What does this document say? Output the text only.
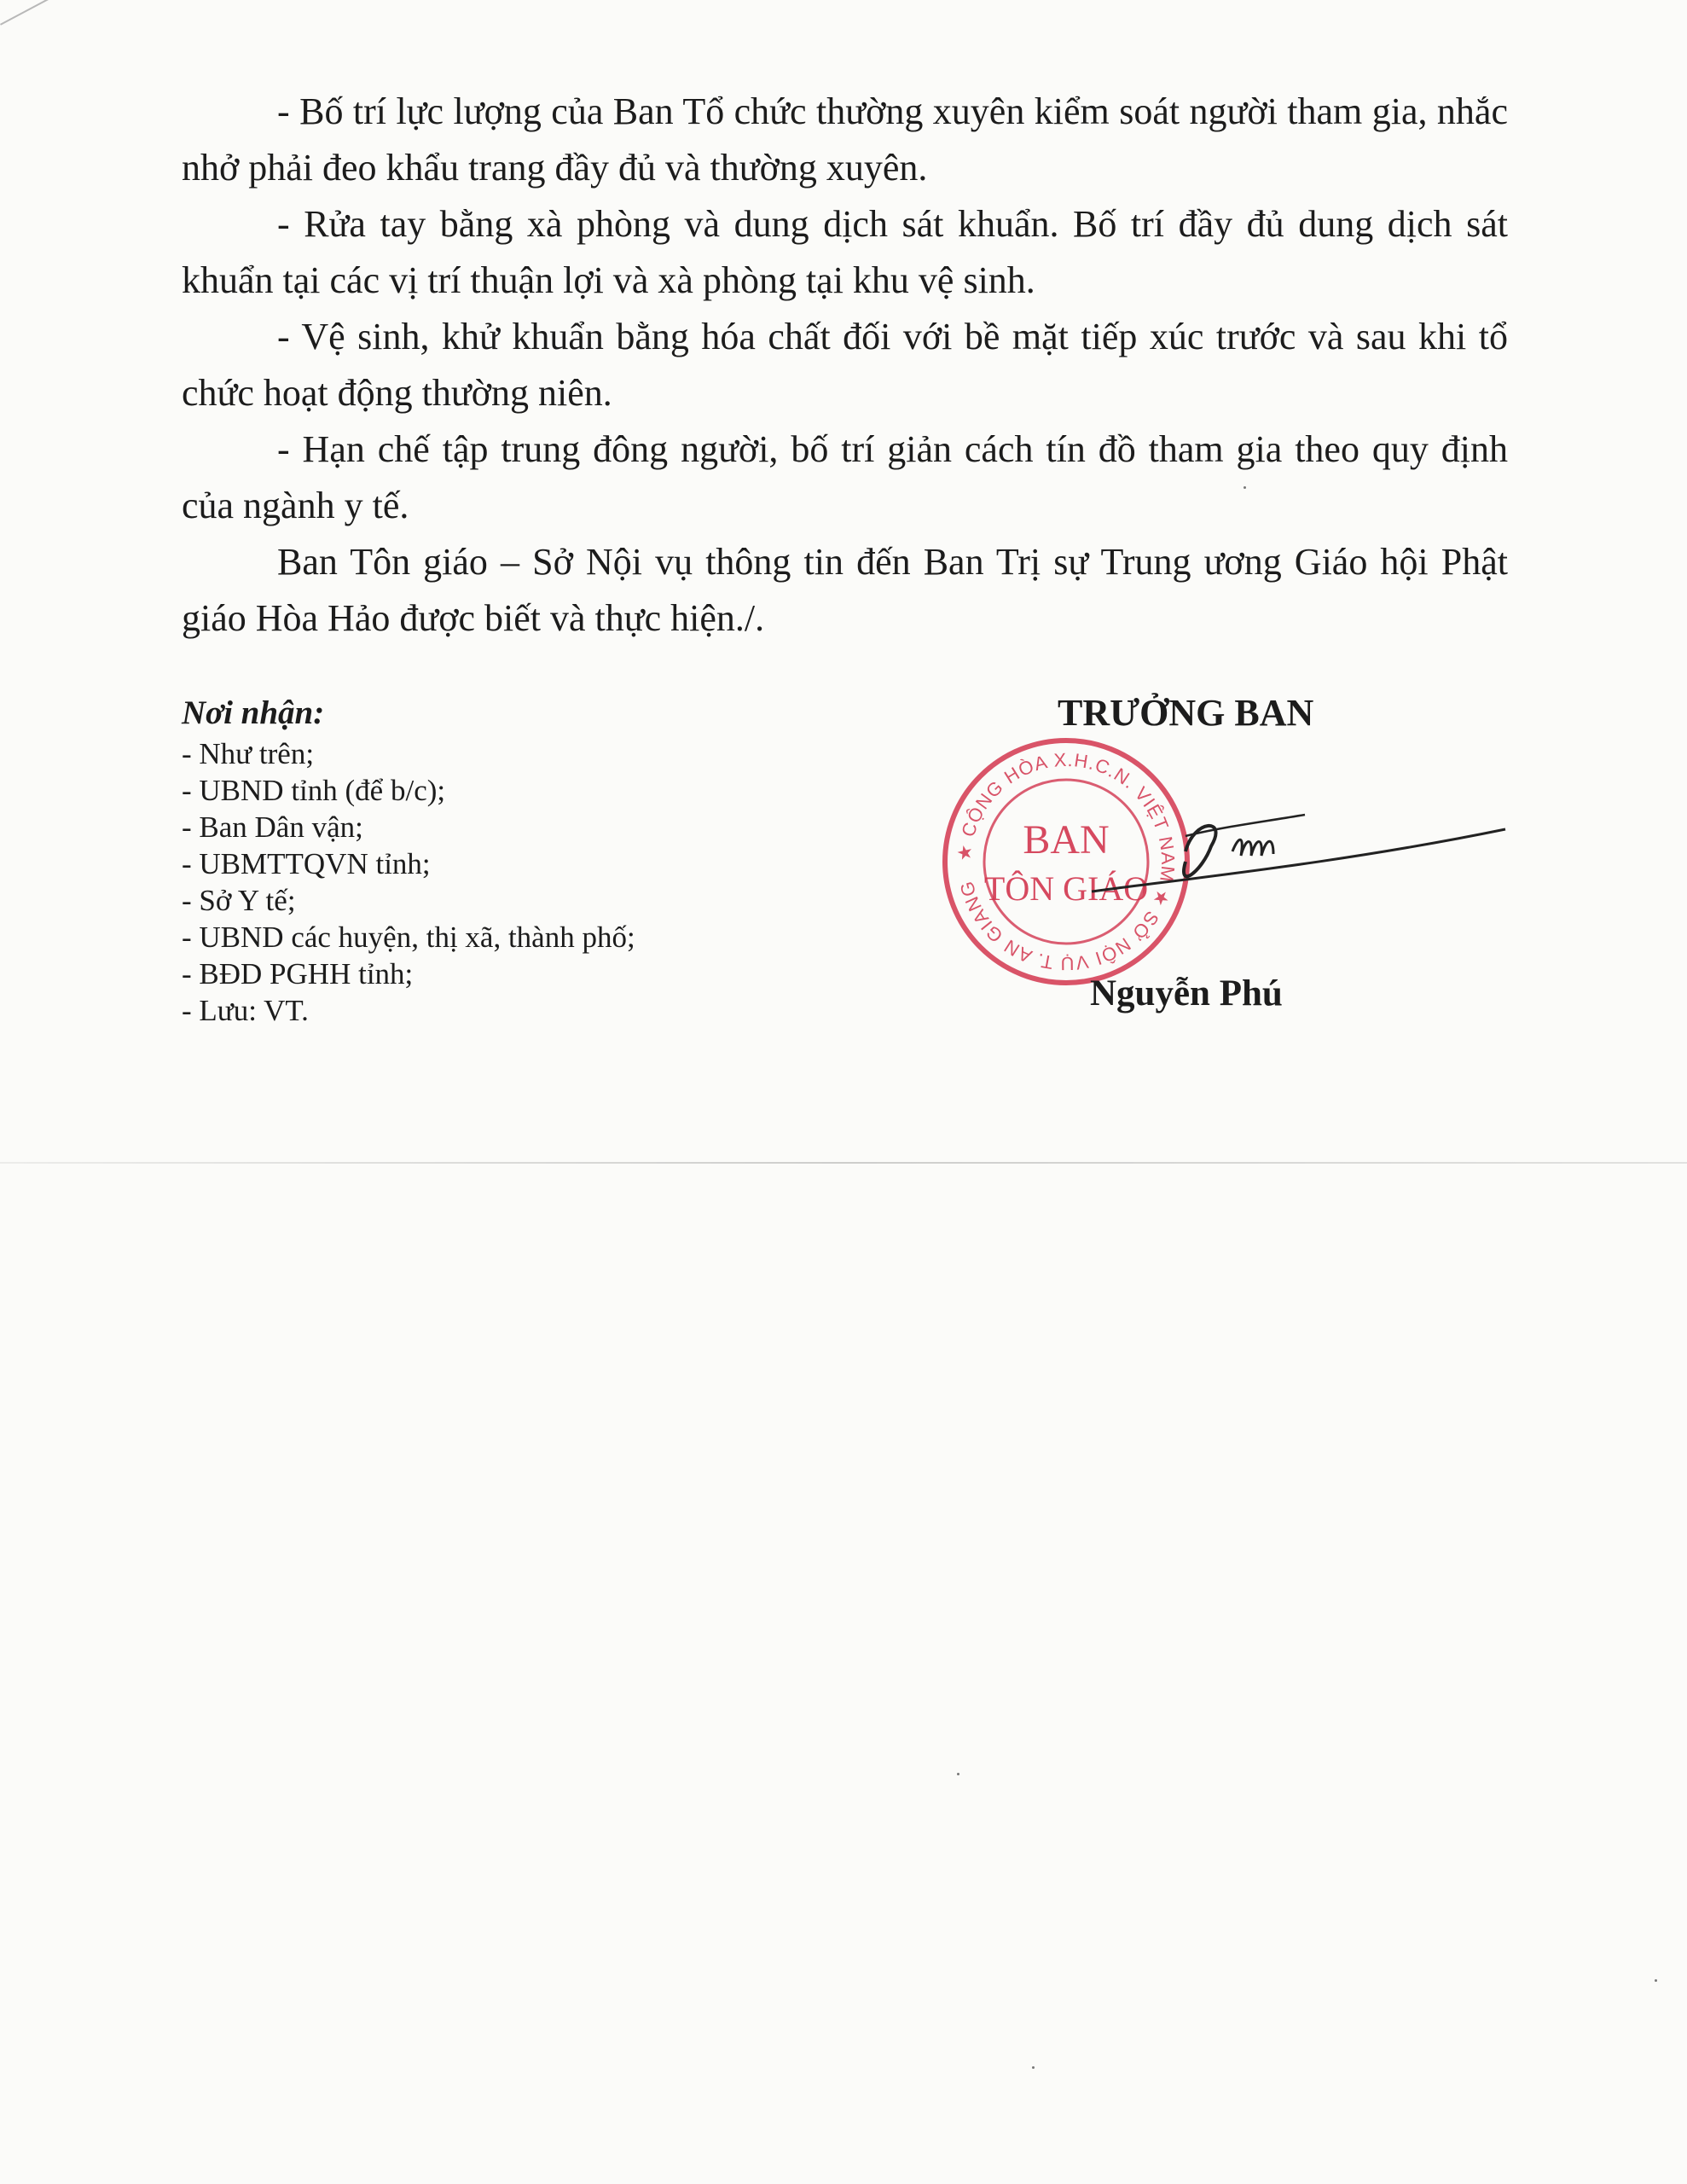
- Bố trí lực lượng của Ban Tổ chức thường xuyên kiểm soát người tham gia, nhắc nhở phải đeo khẩu trang đầy đủ và thường xuyên.

- Rửa tay bằng xà phòng và dung dịch sát khuẩn. Bố trí đầy đủ dung dịch sát khuẩn tại các vị trí thuận lợi và xà phòng tại khu vệ sinh.

- Vệ sinh, khử khuẩn bằng hóa chất đối với bề mặt tiếp xúc trước và sau khi tổ chức hoạt động thường niên.

- Hạn chế tập trung đông người, bố trí giản cách tín đồ tham gia theo quy định của ngành y tế.

Ban Tôn giáo – Sở Nội vụ thông tin đến Ban Trị sự Trung ương Giáo hội Phật giáo Hòa Hảo được biết và thực hiện./.

Nơi nhận:
- Như trên;
- UBND tỉnh (để b/c);
- Ban Dân vận;
- UBMTTQVN tỉnh;
- Sở Y tế;
- UBND các huyện, thị xã, thành phố;
- BĐD PGHH tỉnh;
- Lưu: VT.
TRƯỞNG BAN
★ CỘNG HÒA X.H.C.N. VIỆT NAM ★ SỞ NỘI VỤ T. AN GIANG
BAN
TÔN GIÁO
Nguyễn Phú
